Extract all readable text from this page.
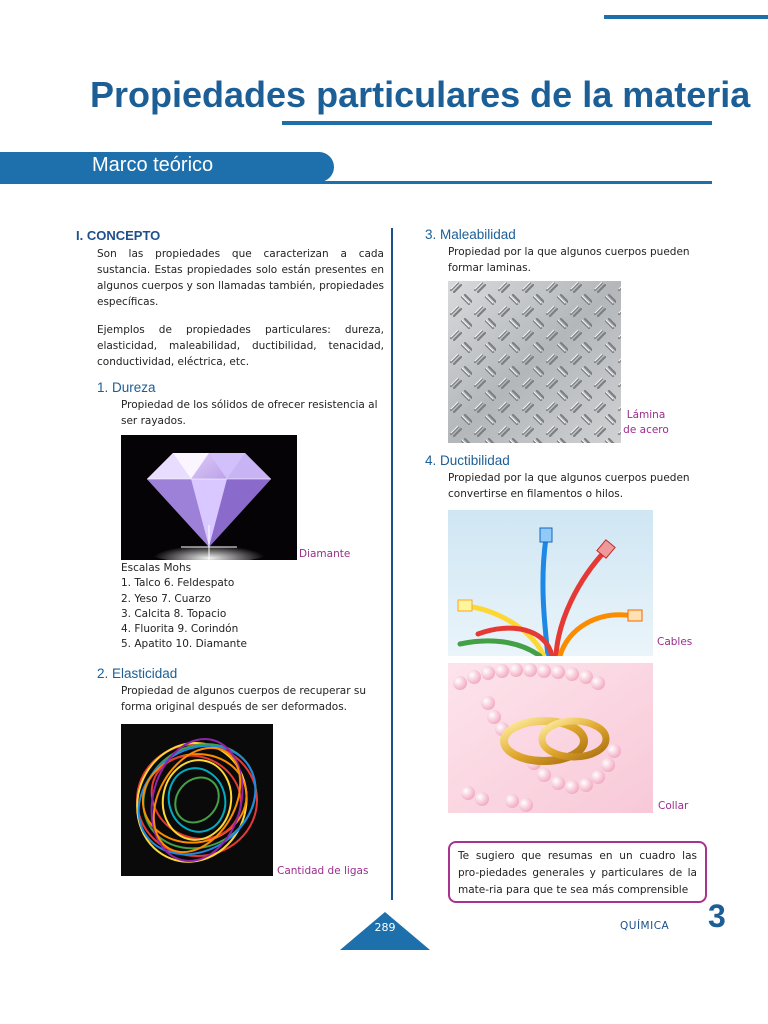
Propiedades particulares de la materia
Marco teórico
I. CONCEPTO

Son las propiedades que caracterizan a cada sustancia. Estas propiedades solo están presentes en algunos cuerpos y son llamadas también, propiedades específicas.

Ejemplos de propiedades particulares: dureza, elasticidad, maleabilidad, ductibilidad, tenacidad, conductividad, eléctrica, etc.

1. Dureza

Propiedad de los sólidos de ofrecer resistencia al ser rayados.

Diamante
Escalas Mohs
1. Talco 6. Feldespato
2. Yeso 7. Cuarzo
3. Calcita 8. Topacio
4. Fluorita 9. Corindón
5. Apatito 10. Diamante
2. Elasticidad

Propiedad de algunos cuerpos de recuperar su forma original después de ser deformados.

Cantidad de ligas
3. Maleabilidad

Propiedad por la que algunos cuerpos pueden formar laminas.

Lámina
de acero
4. Ductibilidad

Propiedad por la que algunos cuerpos pueden convertirse en filamentos o hilos.

Cables
Collar

Te sugiero que resumas en un cuadro las pro-piedades generales y particulares de la mate-ria para que te sea más comprensible

289	QUÍMICA 3
